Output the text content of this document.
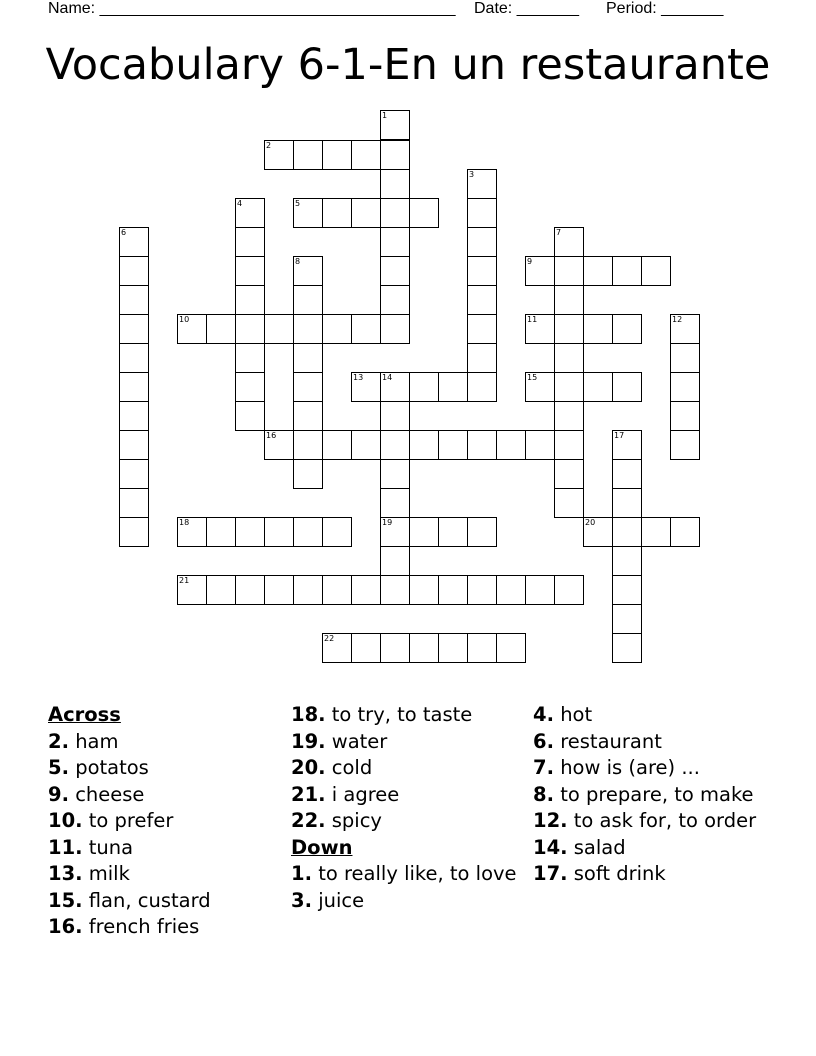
Name: ________________________________________ Date: _______ Period: _______
Vocabulary 6-1-En un restaurante
1
2
3
4	5
6	7
8	9
10	11	12
13 14	15
16	17
18	19	20
21
22
Across
2. ham
5. potatos
9. cheese
10. to prefer
11. tuna
13. milk
15. flan, custard
16. french fries
18. to try, to taste
19. water
20. cold
21. i agree
22. spicy
Down
1. to really like, to love
3. juice
4. hot
6. restaurant
7. how is (are) ...
8. to prepare, to make
12. to ask for, to order
14. salad
17. soft drink
